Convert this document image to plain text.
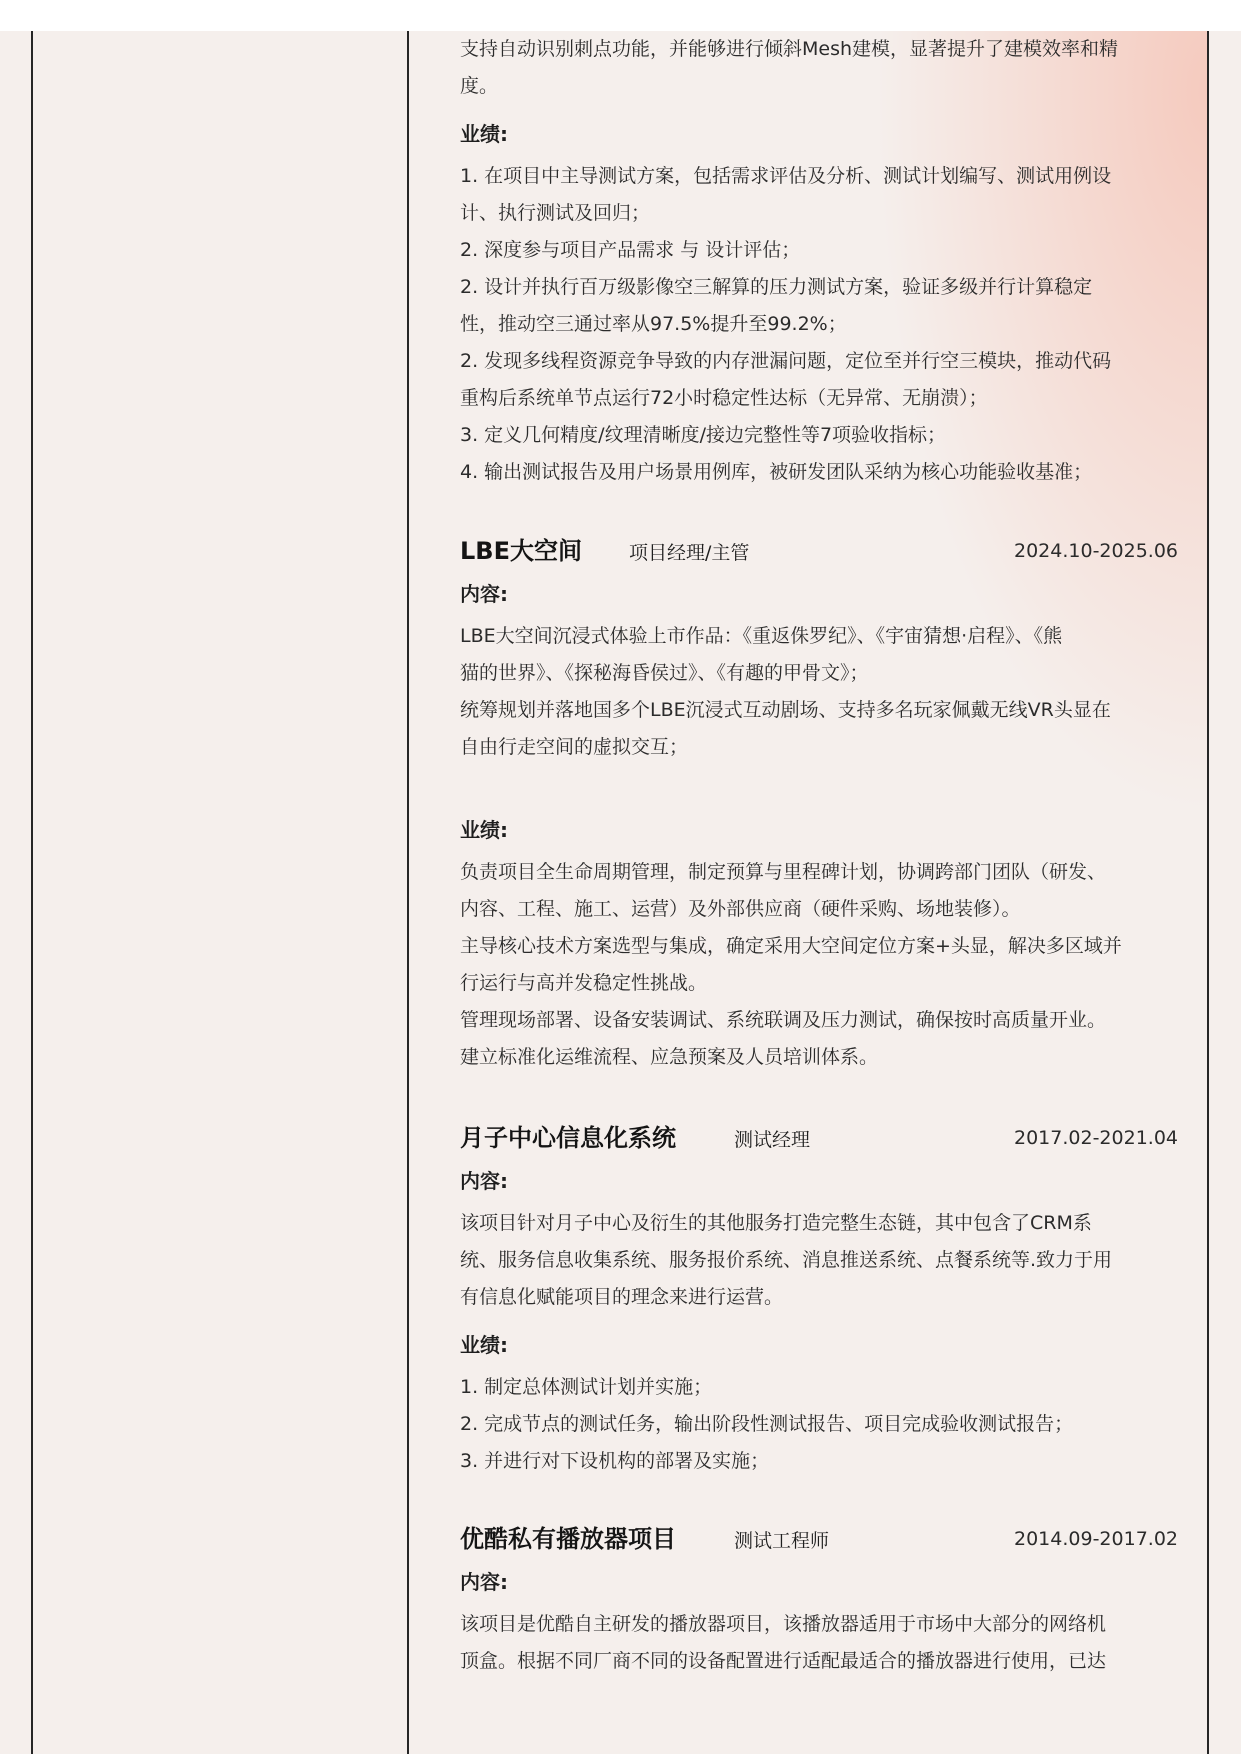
支持自动识别刺点功能，并能够进行倾斜Mesh建模，显著提升了建模效率和精

度。

业绩:

1. 在项目中主导测试方案，包括需求评估及分析、测试计划编写、测试用例设
计、执行测试及回归；
2. 深度参与项目产品需求 与 设计评估；
2. 设计并执行百万级影像空三解算的压力测试方案，验证多级并行计算稳定
性，推动空三通过率从97.5%提升至99.2%；
2. 发现多线程资源竞争导致的内存泄漏问题，定位至并行空三模块，推动代码
重构后系统单节点运行72小时稳定性达标（无异常、无崩溃）；
3. 定义几何精度/纹理清晰度/接边完整性等7项验收指标；
4. 输出测试报告及用户场景用例库，被研发团队采纳为核心功能验收基准；
LBE大空间 项目经理/主管	2024.10-2025.06

内容:

LBE大空间沉浸式体验上市作品：《重返侏罗纪》、《宇宙猜想·启程》、《熊

猫的世界》、《探秘海昏侯过》、《有趣的甲骨文》；

统筹规划并落地国多个LBE沉浸式互动剧场、支持多名玩家佩戴无线VR头显在

自由行走空间的虚拟交互；

业绩:

负责项目全生命周期管理，制定预算与里程碑计划，协调跨部门团队（研发、
内容、工程、施工、运营）及外部供应商（硬件采购、场地装修）。
主导核心技术方案选型与集成，确定采用大空间定位方案+头显，解决多区域并
行运行与高并发稳定性挑战。
管理现场部署、设备安装调试、系统联调及压力测试，确保按时高质量开业。
建立标准化运维流程、应急预案及人员培训体系。
月子中心信息化系统	测试经理	2017.02-2021.04

内容:

该项目针对月子中心及衍生的其他服务打造完整生态链，其中包含了CRM系

统、服务信息收集系统、服务报价系统、消息推送系统、点餐系统等.致力于用

有信息化赋能项目的理念来进行运营。

业绩:

1. 制定总体测试计划并实施；
2. 完成节点的测试任务，输出阶段性测试报告、项目完成验收测试报告；
3. 并进行对下设机构的部署及实施；
优酷私有播放器项目	测试工程师	2014.09-2017.02

内容:

该项目是优酷自主研发的播放器项目，该播放器适用于市场中大部分的网络机

顶盒。根据不同厂商不同的设备配置进行适配最适合的播放器进行使用，已达
